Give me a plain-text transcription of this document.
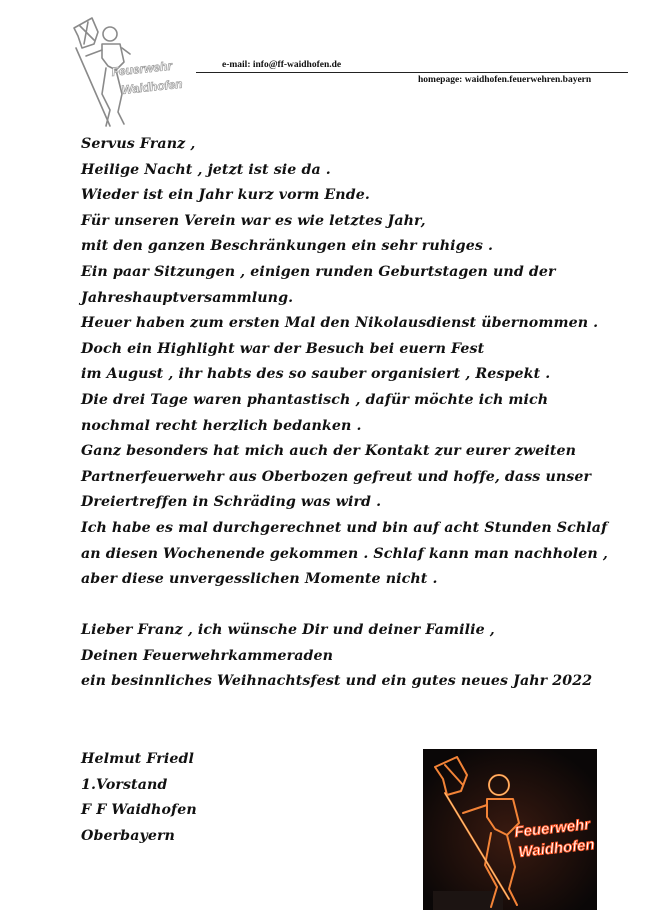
Feuerwehr
Waidhofen
e-mail: info@ff-waidhofen.de
homepage: waidhofen.feuerwehren.bayern
Servus Franz ,
Heilige Nacht , jetzt ist sie da .
Wieder ist ein Jahr kurz vorm Ende.
Für unseren Verein war es wie letztes Jahr,
mit den ganzen Beschränkungen ein sehr ruhiges .
Ein paar Sitzungen , einigen runden Geburtstagen und der
Jahreshauptversammlung.
Heuer haben zum ersten Mal den Nikolausdienst übernommen .
Doch ein Highlight war der Besuch bei euern Fest
im August , ihr habts des so sauber organisiert , Respekt .
Die drei Tage waren phantastisch , dafür möchte ich mich
nochmal recht herzlich bedanken .
Ganz besonders hat mich auch der Kontakt zur eurer zweiten
Partnerfeuerwehr aus Oberbozen gefreut und hoffe, dass unser
Dreiertreffen in Schräding was wird .
Ich habe es mal durchgerechnet und bin auf acht Stunden Schlaf
an diesen Wochenende gekommen . Schlaf kann man nachholen ,
aber diese unvergesslichen Momente nicht .
Lieber Franz , ich wünsche Dir und deiner Familie ,
Deinen Feuerwehrkammeraden
ein besinnliches Weihnachtsfest und ein gutes neues Jahr 2022
Helmut Friedl
1.Vorstand
F F Waidhofen
Oberbayern	Feuerwehr
Waidhofen
